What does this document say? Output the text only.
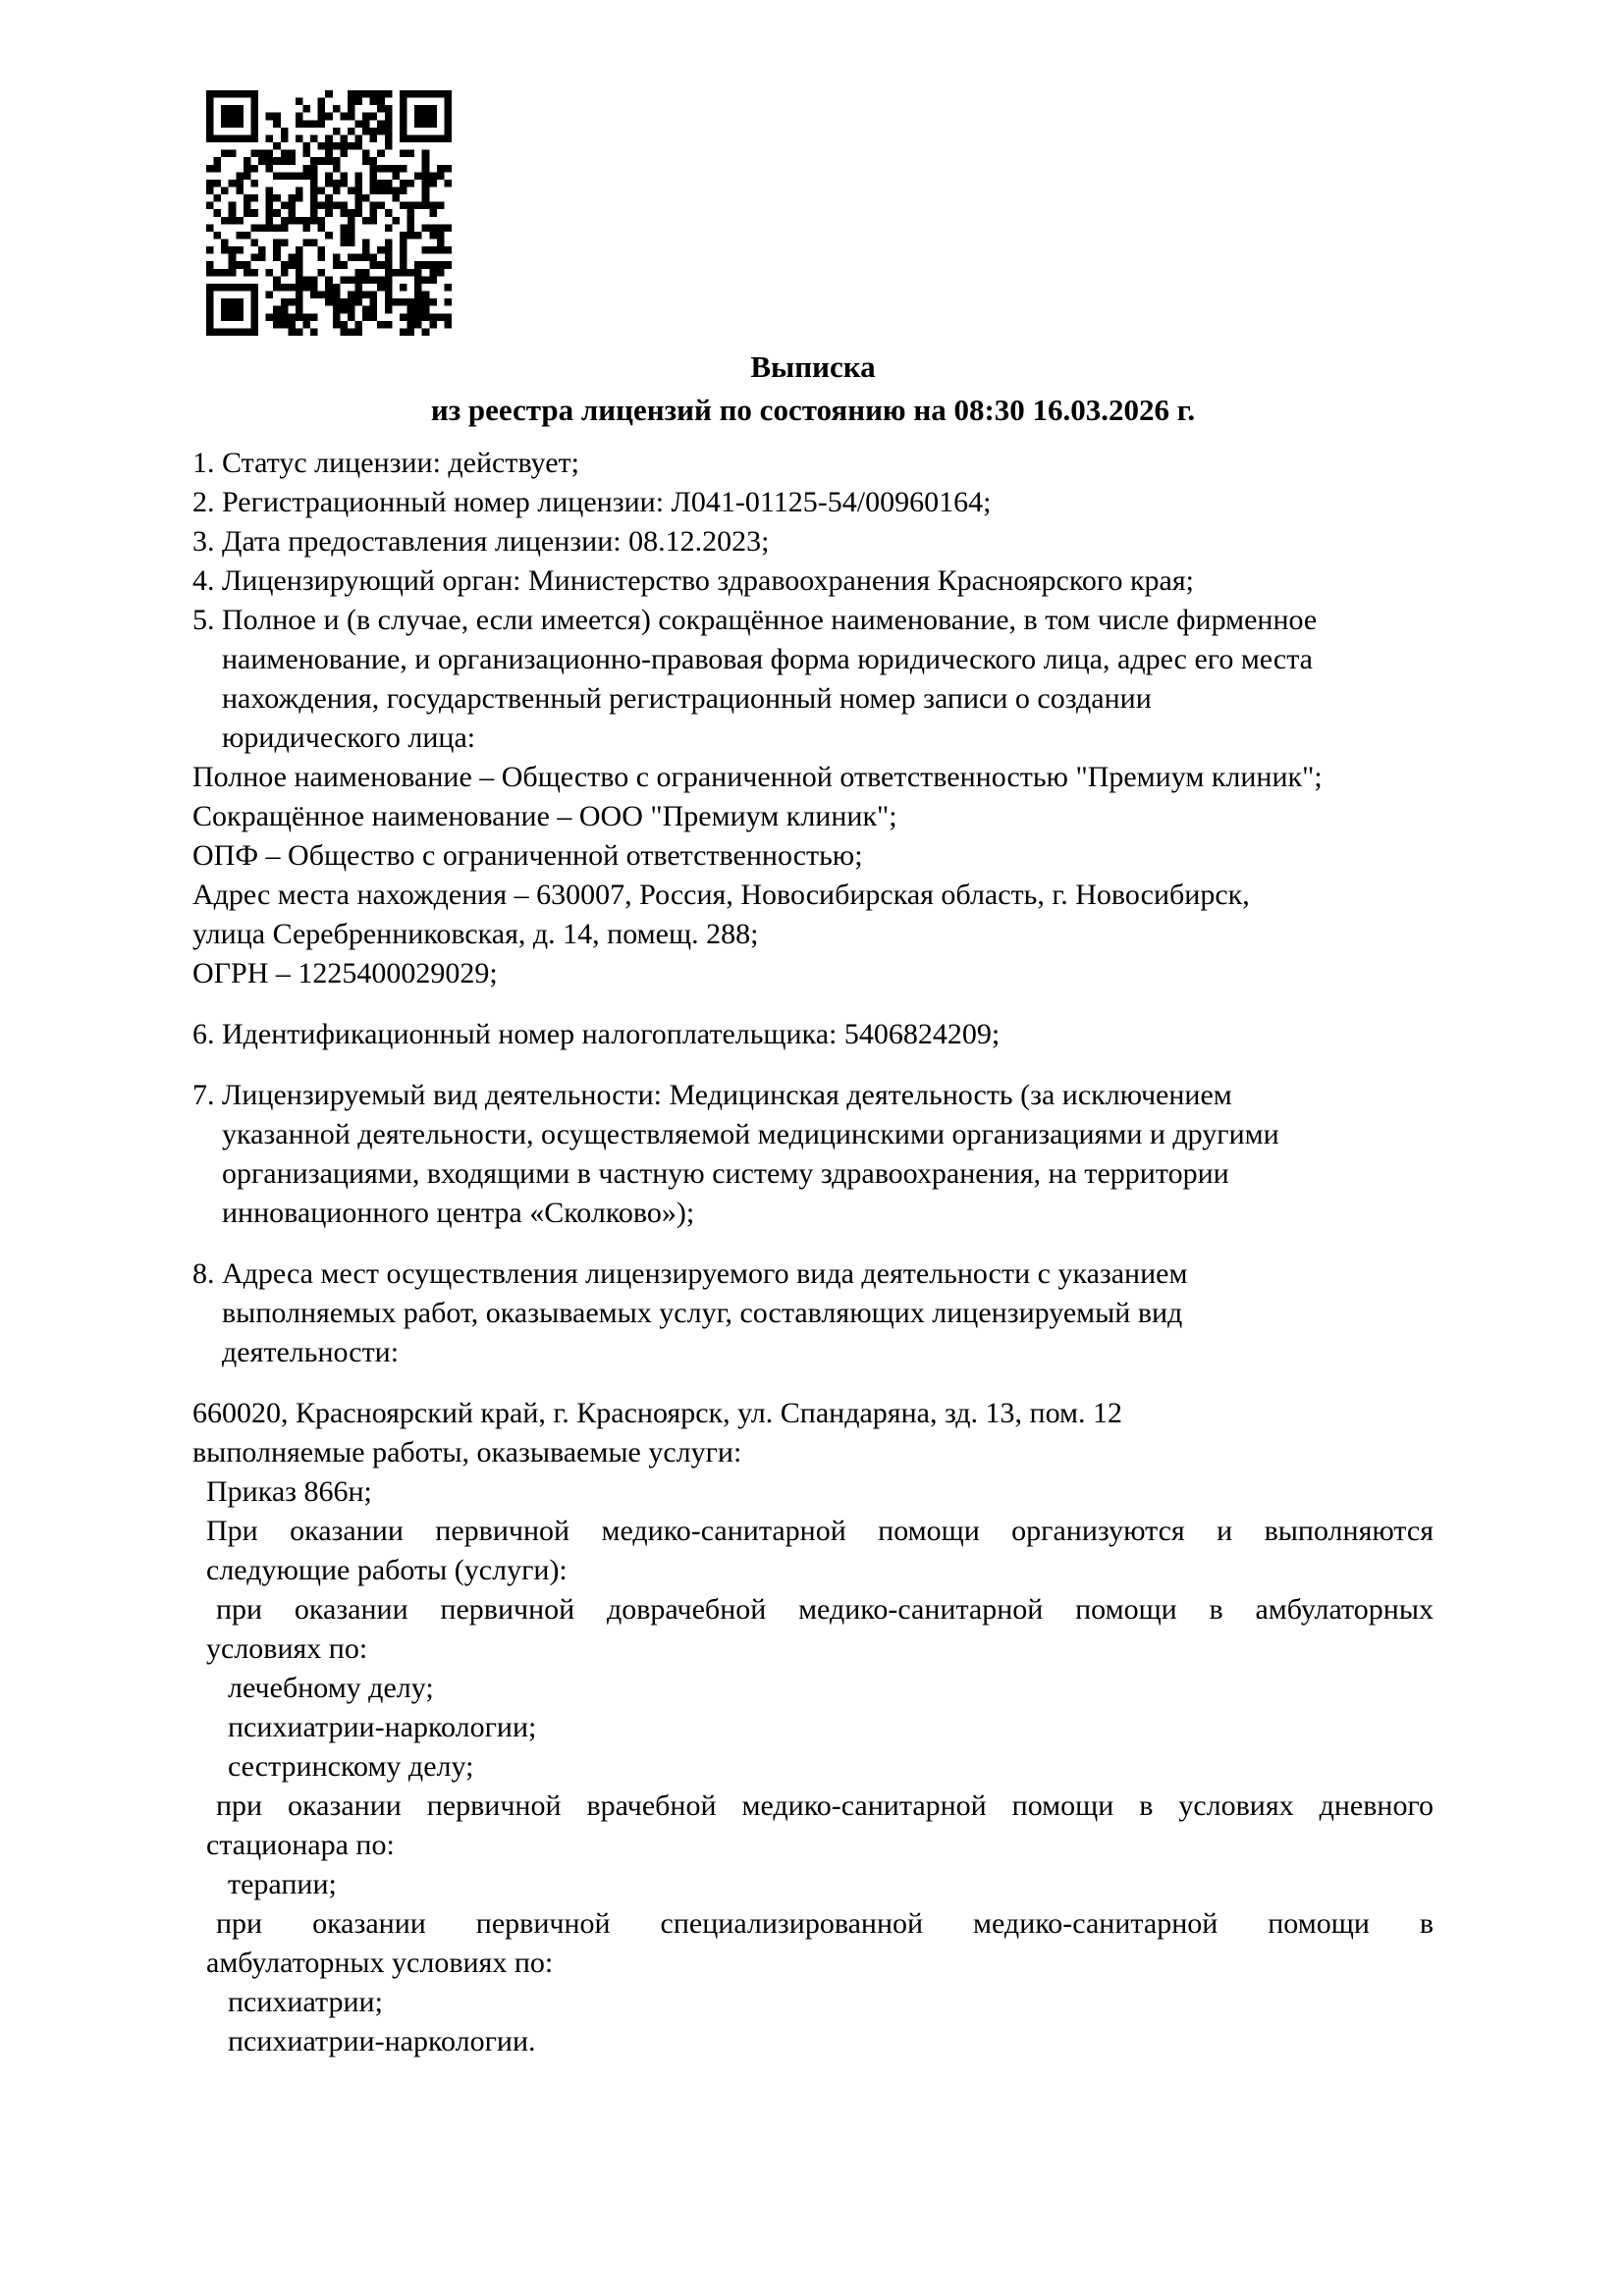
Выписка
из реестра лицензий по состоянию на 08:30 16.03.2026 г.
1. Статус лицензии: действует;
2. Регистрационный номер лицензии: Л041-01125-54/00960164;
3. Дата предоставления лицензии: 08.12.2023;
4. Лицензирующий орган: Министерство здравоохранения Красноярского края;
5. Полное и (в случае, если имеется) сокращённое наименование, в том числе фирменное
наименование, и организационно-правовая форма юридического лица, адрес его места
нахождения, государственный регистрационный номер записи о создании
юридического лица:
Полное наименование – Общество с ограниченной ответственностью "Премиум клиник";
Сокращённое наименование – ООО "Премиум клиник";
ОПФ – Общество с ограниченной ответственностью;
Адрес места нахождения – 630007, Россия, Новосибирская область, г. Новосибирск,
улица Серебренниковская, д. 14, помещ. 288;
ОГРН – 1225400029029;
6. Идентификационный номер налогоплательщика: 5406824209;
7. Лицензируемый вид деятельности: Медицинская деятельность (за исключением
указанной деятельности, осуществляемой медицинскими организациями и другими
организациями, входящими в частную систему здравоохранения, на территории
инновационного центра «Сколково»);
8. Адреса мест осуществления лицензируемого вида деятельности с указанием
выполняемых работ, оказываемых услуг, составляющих лицензируемый вид
деятельности:
660020, Красноярский край, г. Красноярск, ул. Спандаряна, зд. 13, пом. 12
выполняемые работы, оказываемые услуги:
Приказ 866н;
При оказании первичной медико-санитарной помощи организуются и выполняются
следующие работы (услуги):
при оказании первичной доврачебной медико-санитарной помощи в амбулаторных
условиях по:
лечебному делу;
психиатрии-наркологии;
сестринскому делу;
при оказании первичной врачебной медико-санитарной помощи в условиях дневного
стационара по:
терапии;
при оказании первичной специализированной медико-санитарной помощи в
амбулаторных условиях по:
психиатрии;
психиатрии-наркологии.
